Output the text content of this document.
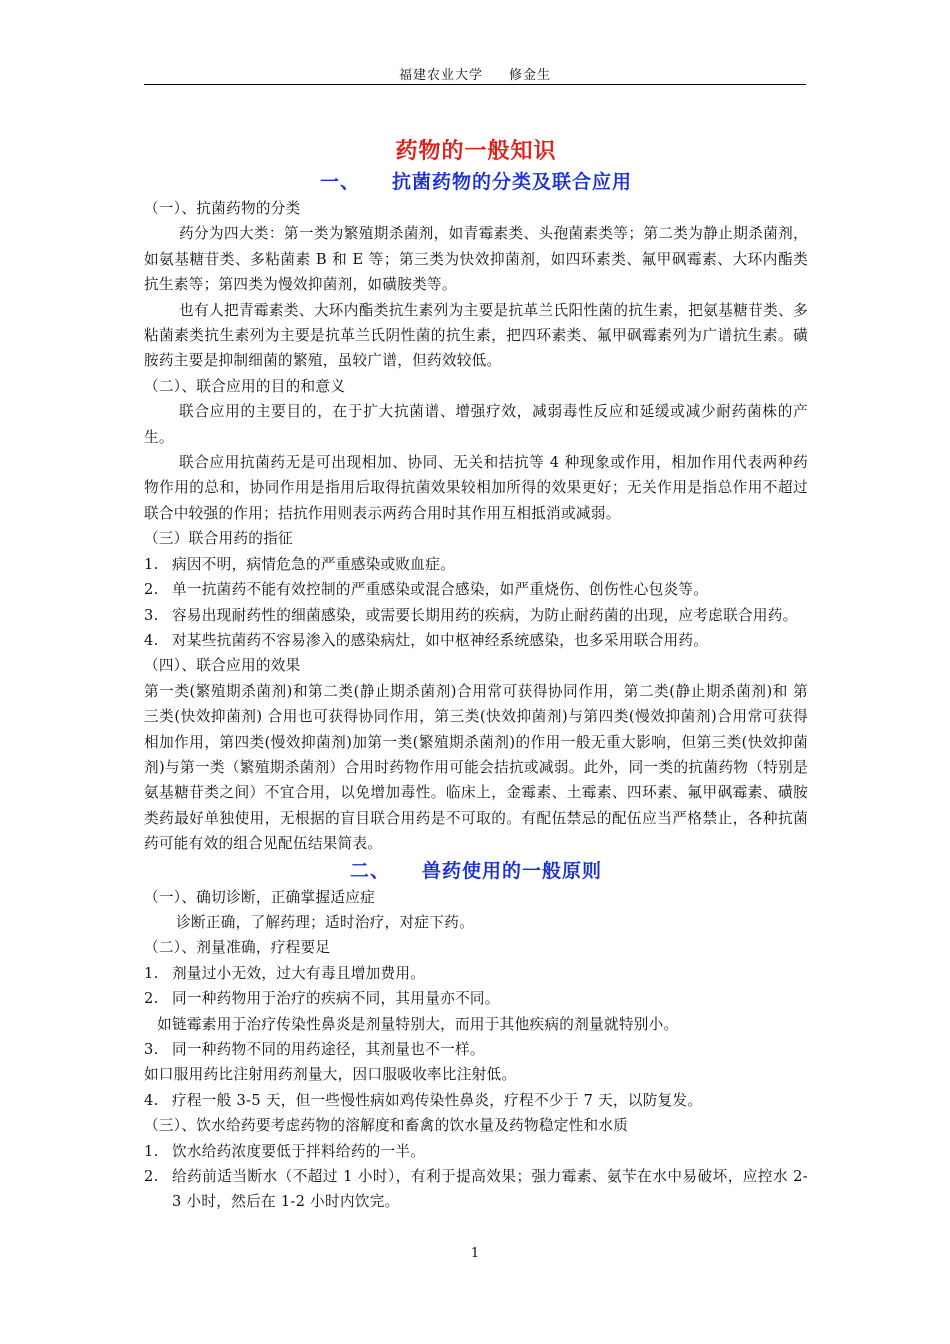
福建农业大学 修金生
药物的一般知识
一、 抗菌药物的分类及联合应用

（一）、抗菌药物的分类

药分为四大类：第一类为繁殖期杀菌剂，如青霉素类、头孢菌素类等；第二类为静止期杀菌剂，如氨基糖苷类、多粘菌素 B 和 E 等；第三类为快效抑菌剂，如四环素类、氟甲砜霉素、大环内酯类抗生素等；第四类为慢效抑菌剂，如磺胺类等。

也有人把青霉素类、大环内酯类抗生素列为主要是抗革兰氏阳性菌的抗生素，把氨基糖苷类、多粘菌素类抗生素列为主要是抗革兰氏阴性菌的抗生素，把四环素类、氟甲砜霉素列为广谱抗生素。磺胺药主要是抑制细菌的繁殖，虽较广谱，但药效较低。

（二）、联合应用的目的和意义

联合应用的主要目的，在于扩大抗菌谱、增强疗效，减弱毒性反应和延缓或减少耐药菌株的产生。

联合应用抗菌药无是可出现相加、协同、无关和拮抗等 4 种现象或作用，相加作用代表两种药物作用的总和，协同作用是指用后取得抗菌效果较相加所得的效果更好；无关作用是指总作用不超过联合中较强的作用；拮抗作用则表示两药合用时其作用互相抵消或减弱。

（三）联合用药的指征

1. 病因不明，病情危急的严重感染或败血症。
2. 单一抗菌药不能有效控制的严重感染或混合感染，如严重烧伤、创伤性心包炎等。
3. 容易出现耐药性的细菌感染，或需要长期用药的疾病，为防止耐药菌的出现，应考虑联合用药。
4. 对某些抗菌药不容易渗入的感染病灶，如中枢神经系统感染，也多采用联合用药。

（四）、联合应用的效果

第一类(繁殖期杀菌剂)和第二类(静止期杀菌剂)合用常可获得协同作用，第二类(静止期杀菌剂)和 第三类(快效抑菌剂) 合用也可获得协同作用，第三类(快效抑菌剂)与第四类(慢效抑菌剂)合用常可获得相加作用，第四类(慢效抑菌剂)加第一类(繁殖期杀菌剂)的作用一般无重大影响，但第三类(快效抑菌剂)与第一类（繁殖期杀菌剂）合用时药物作用可能会拮抗或减弱。此外，同一类的抗菌药物（特别是氨基糖苷类之间）不宜合用，以免增加毒性。临床上，金霉素、土霉素、四环素、氟甲砜霉素、磺胺类药最好单独使用，无根据的盲目联合用药是不可取的。有配伍禁忌的配伍应当严格禁止，各种抗菌药可能有效的组合见配伍结果简表。

二、 兽药使用的一般原则

（一）、确切诊断，正确掌握适应症

诊断正确，了解药理；适时治疗，对症下药。

（二）、剂量准确，疗程要足

1. 剂量过小无效，过大有毒且增加费用。
2. 同一种药物用于治疗的疾病不同，其用量亦不同。

如链霉素用于治疗传染性鼻炎是剂量特别大，而用于其他疾病的剂量就特别小。

3. 同一种药物不同的用药途径，其剂量也不一样。

如口服用药比注射用药剂量大，因口服吸收率比注射低。

4. 疗程一般 3-5 天，但一些慢性病如鸡传染性鼻炎，疗程不少于 7 天，以防复发。

（三）、饮水给药要考虑药物的溶解度和畜禽的饮水量及药物稳定性和水质

1. 饮水给药浓度要低于拌料给药的一半。
2. 给药前适当断水（不超过 1 小时），有利于提高效果；强力霉素、氨苄在水中易破坏，应控水 2-3 小时，然后在 1-2 小时内饮完。
1
